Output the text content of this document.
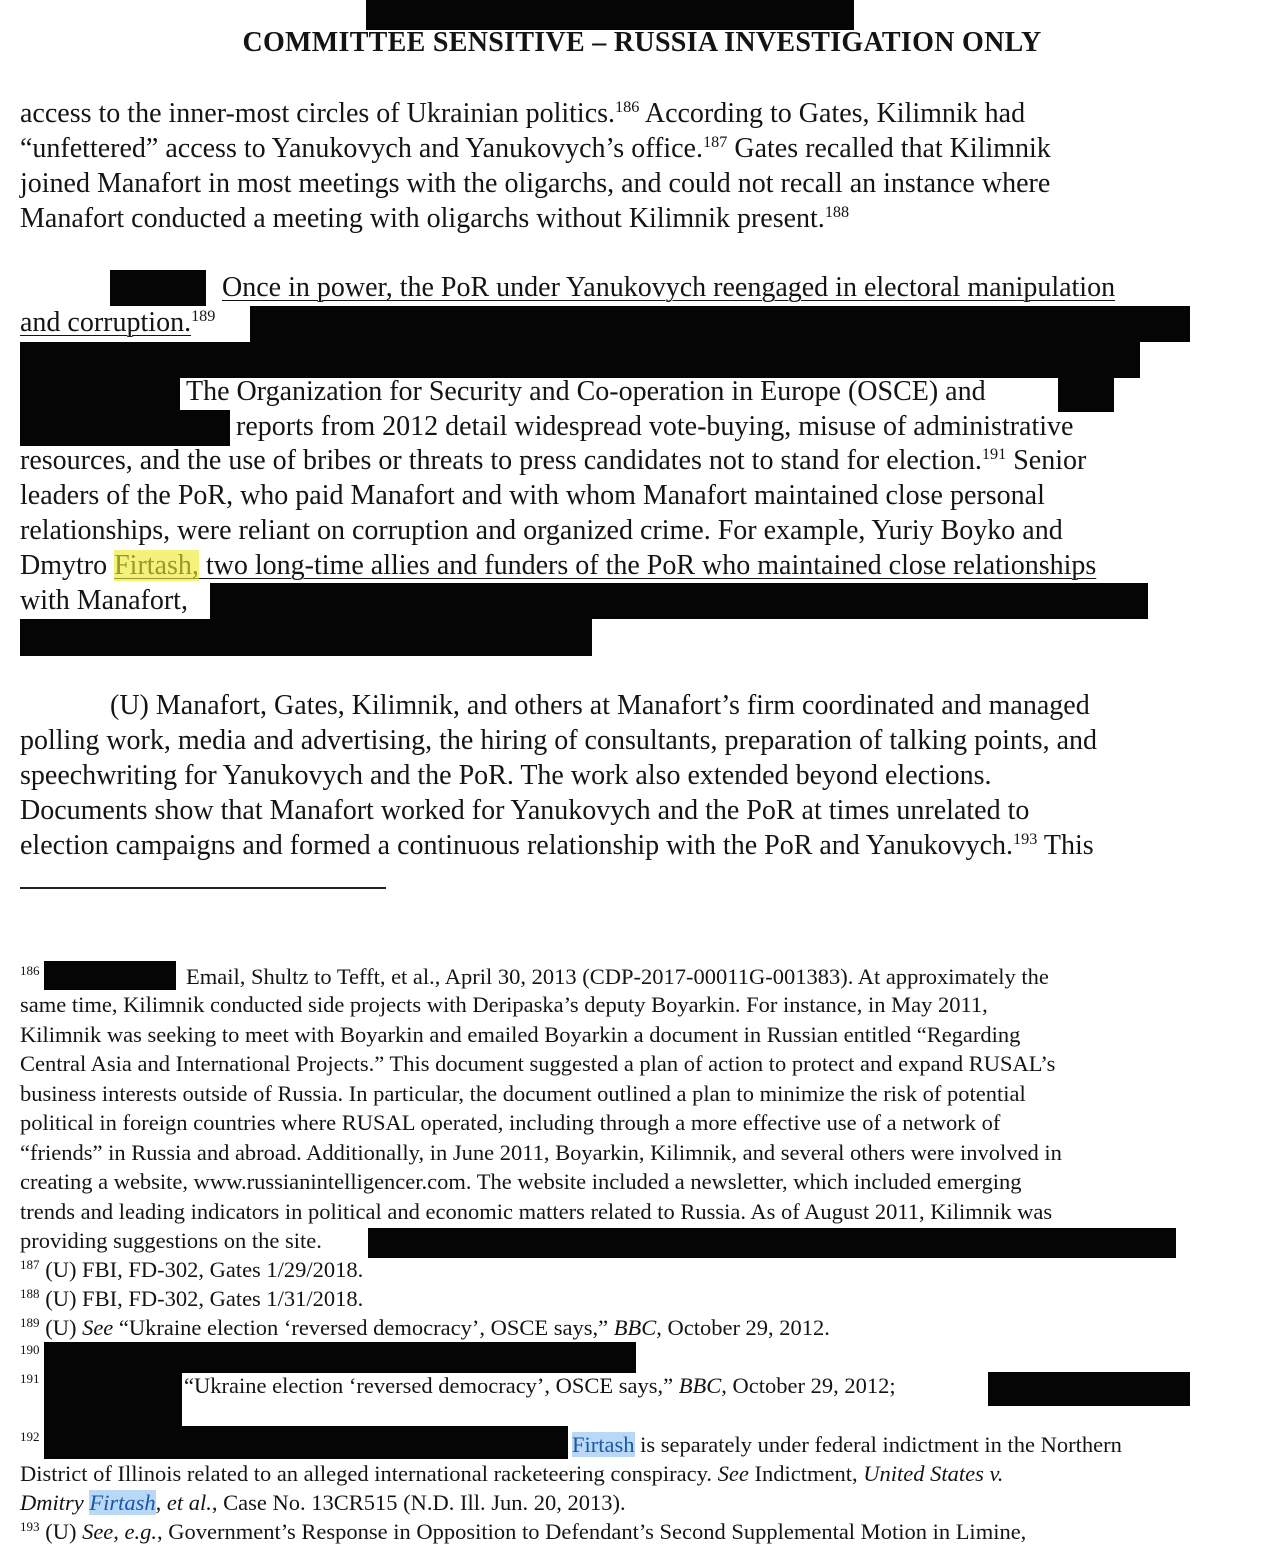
COMMITTEE SENSITIVE – RUSSIA INVESTIGATION ONLY
access to the inner-most circles of Ukrainian politics.$^{186}$ According to Gates, Kilimnik had
“unfettered” access to Yanukovych and Yanukovych’s office.$^{187}$ Gates recalled that Kilimnik
joined Manafort in most meetings with the oligarchs, and could not recall an instance where
Manafort conducted a meeting with oligarchs without Kilimnik present.$^{188}$
Once in power, the PoR under Yanukovych reengaged in electoral manipulation
and corruption.$^{189}$
The Organization for Security and Co-operation in Europe (OSCE) and
reports from 2012 detail widespread vote-buying, misuse of administrative
resources, and the use of bribes or threats to press candidates not to stand for election.$^{191}$ Senior
leaders of the PoR, who paid Manafort and with whom Manafort maintained close personal
relationships, were reliant on corruption and organized crime. For example, Yuriy Boyko and
Dmytro Firtash, two long-time allies and funders of the PoR who maintained close relationships
with Manafort,
(U) Manafort, Gates, Kilimnik, and others at Manafort’s firm coordinated and managed
polling work, media and advertising, the hiring of consultants, preparation of talking points, and
speechwriting for Yanukovych and the PoR. The work also extended beyond elections.
Documents show that Manafort worked for Yanukovych and the PoR at times unrelated to
election campaigns and formed a continuous relationship with the PoR and Yanukovych.$^{193}$ This
$^{186}$	Email, Shultz to Tefft, et al., April 30, 2013 (CDP-2017-00011G-001383). At approximately the
same time, Kilimnik conducted side projects with Deripaska’s deputy Boyarkin. For instance, in May 2011,
Kilimnik was seeking to meet with Boyarkin and emailed Boyarkin a document in Russian entitled “Regarding
Central Asia and International Projects.” This document suggested a plan of action to protect and expand RUSAL’s
business interests outside of Russia. In particular, the document outlined a plan to minimize the risk of potential
political in foreign countries where RUSAL operated, including through a more effective use of a network of
“friends” in Russia and abroad. Additionally, in June 2011, Boyarkin, Kilimnik, and several others were involved in
creating a website, www.russianintelligencer.com. The website included a newsletter, which included emerging
trends and leading indicators in political and economic matters related to Russia. As of August 2011, Kilimnik was
providing suggestions on the site.
$^{187}$ (U) FBI, FD-302, Gates 1/29/2018.
$^{188}$ (U) FBI, FD-302, Gates 1/31/2018.
$^{189}$ (U) See “Ukraine election ‘reversed democracy’, OSCE says,” BBC, October 29, 2012.
$^{190}$
$^{191}$	“Ukraine election ‘reversed democracy’, OSCE says,” BBC, October 29, 2012;
$^{192}$	Firtash is separately under federal indictment in the Northern
District of Illinois related to an alleged international racketeering conspiracy. See Indictment, United States v.
Dmitry Firtash, et al., Case No. 13CR515 (N.D. Ill. Jun. 20, 2013).
$^{193}$ (U) See, e.g., Government’s Response in Opposition to Defendant’s Second Supplemental Motion in Limine,
